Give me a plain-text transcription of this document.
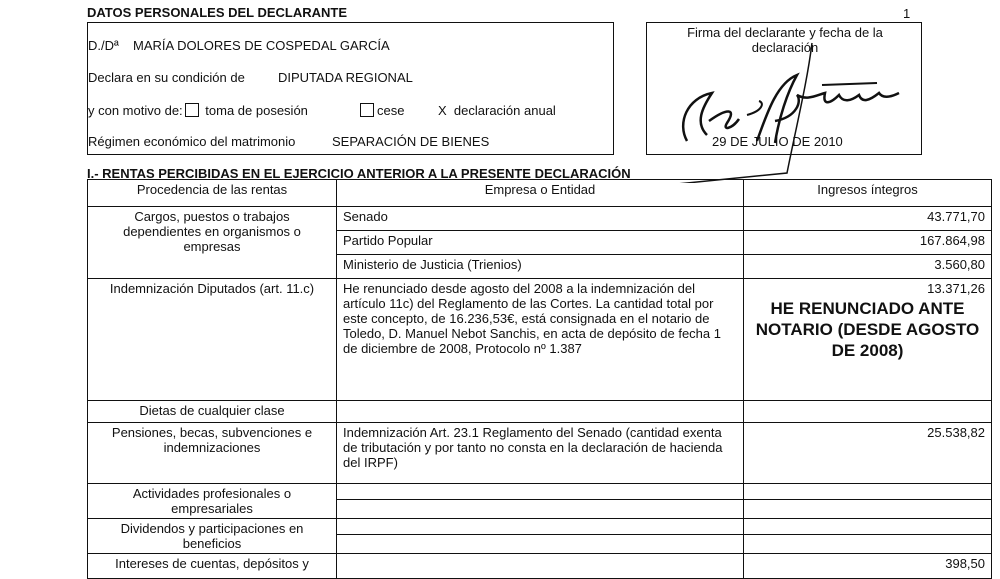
1
DATOS PERSONALES DEL DECLARANTE
D./Dª MARÍA DOLORES DE COSPEDAL GARCÍA
Declara en su condición de	DIPUTADA REGIONAL
y con motivo de: toma de posesión	cese	X declaración anual
Régimen económico del matrimonio	SEPARACIÓN DE BIENES
Firma del declarante y fecha de la declaración
29 DE JULIO DE 2010
I.- RENTAS PERCIBIDAS EN EL EJERCICIO ANTERIOR A LA PRESENTE DECLARACIÓN
Procedencia de las rentas	Empresa o Entidad	Ingresos íntegros
Cargos, puestos o trabajos dependientes en organismos o empresas	Senado	43.771,70
	Partido Popular	167.864,98
	Ministerio de Justicia (Trienios)	3.560,80
Indemnización Diputados (art. 11.c)	He renunciado desde agosto del 2008 a la indemnización del artículo 11c) del Reglamento de las Cortes. La cantidad total por este concepto, de 16.236,53€, está consignada en el notario de Toledo, D. Manuel Nebot Sanchis, en acta de depósito de fecha 1 de diciembre de 2008, Protocolo nº 1.387	13.371,26
HE RENUNCIADO ANTE NOTARIO (DESDE AGOSTO DE 2008)

Dietas de cualquier clase		
Pensiones, becas, subvenciones e indemnizaciones	Indemnización Art. 23.1 Reglamento del Senado (cantidad exenta de tributación y por tanto no consta en la declaración de hacienda del IRPF)	25.538,82
Actividades profesionales o empresariales	

Dividendos y participaciones en beneficios	

Intereses de cuentas, depósitos y		398,50
